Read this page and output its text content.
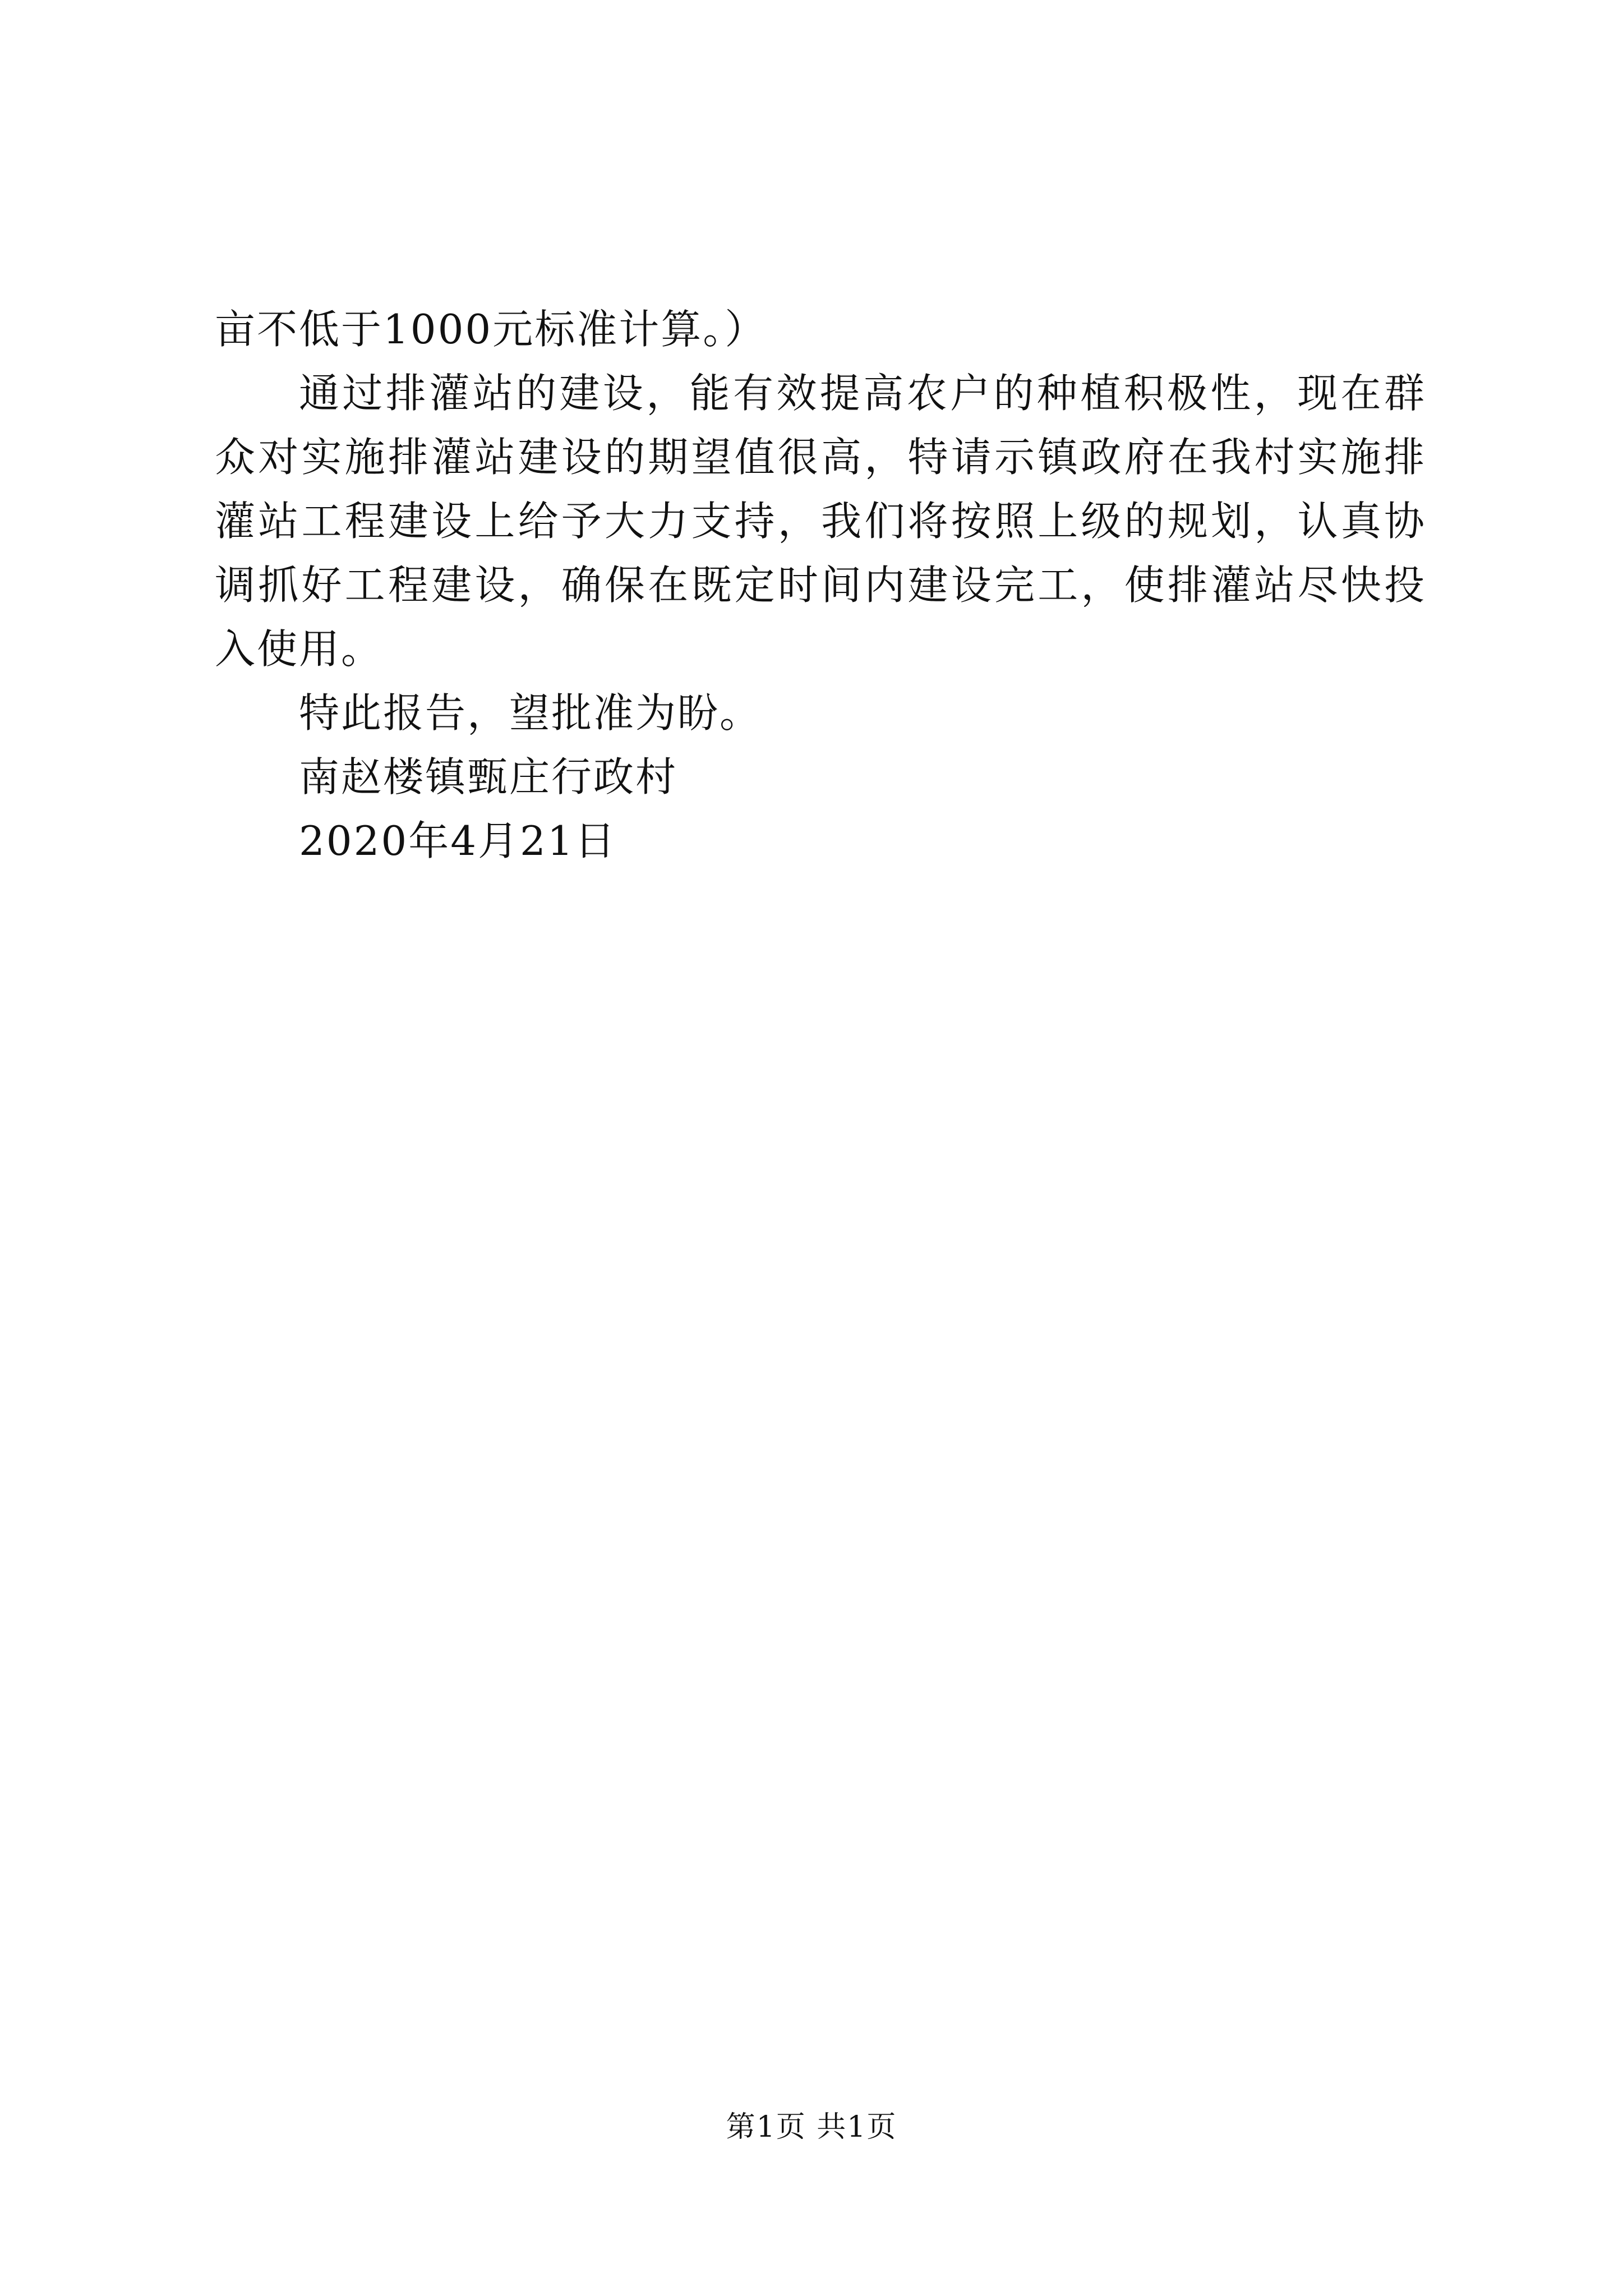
亩不低于1000元标准计算。）

通过排灌站的建设，能有效提高农户的种植积极性，现在群众对实施排灌站建设的期望值很高，特请示镇政府在我村实施排灌站工程建设上给予大力支持，我们将按照上级的规划，认真协调抓好工程建设，确保在既定时间内建设完工，使排灌站尽快投入使用。

特此报告，望批准为盼。

南赵楼镇甄庄行政村

2020年4月21日

第1页 共1页
